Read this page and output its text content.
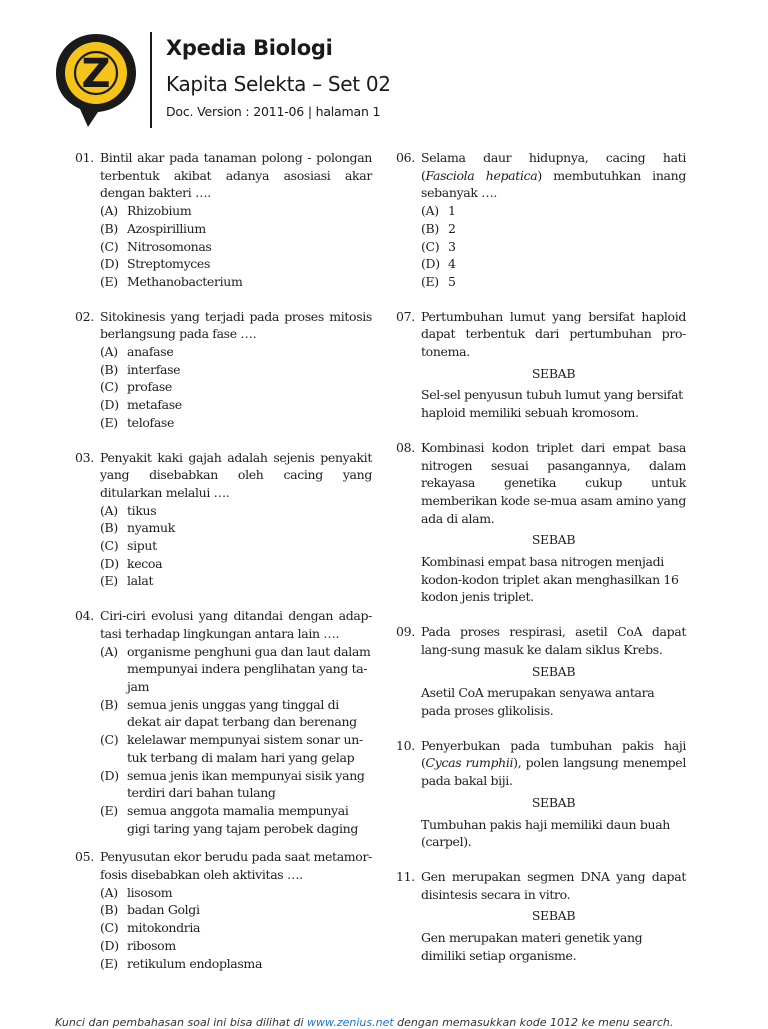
Z
Xpedia Biologi
Kapita Selekta – Set 02
Doc. Version : 2011-06 | halaman 1
01. Bintil akar pada tanaman polong - polongan terbentuk akibat adanya asosiasi akar dengan bakteri ….
(A) Rhizobium
(B) Azospirillium
(C) Nitrosomonas
(D) Streptomyces
(E) Methanobacterium
02. Sitokinesis yang terjadi pada proses mitosis berlangsung pada fase ….
(A) anafase
(B) interfase
(C) profase
(D) metafase
(E) telofase
03. Penyakit kaki gajah adalah sejenis penyakit yang disebabkan oleh cacing yang ditularkan melalui ….
(A) tikus
(B) nyamuk
(C) siput
(D) kecoa
(E) lalat
04. Ciri-ciri evolusi yang ditandai dengan adap-tasi terhadap lingkungan antara lain ….
(A) organisme penghuni gua dan laut dalam mempunyai indera penglihatan yang ta-jam
(B) semua jenis unggas yang tinggal di dekat air dapat terbang dan berenang
(C) kelelawar mempunyai sistem sonar un-tuk terbang di malam hari yang gelap
(D) semua jenis ikan mempunyai sisik yang terdiri dari bahan tulang
(E) semua anggota mamalia mempunyai gigi taring yang tajam perobek daging
05. Penyusutan ekor berudu pada saat metamor-fosis disebabkan oleh aktivitas ….
(A) lisosom
(B) badan Golgi
(C) mitokondria
(D) ribosom
(E) retikulum endoplasma
06. Selama daur hidupnya, cacing hati (Fasciola hepatica) membutuhkan inang sebanyak ….
(A) 1
(B) 2
(C) 3
(D) 4
(E) 5
07. Pertumbuhan lumut yang bersifat haploid dapat terbentuk dari pertumbuhan pro-tonema.
SEBAB
Sel-sel penyusun tubuh lumut yang bersifat haploid memiliki sebuah kromosom.
08. Kombinasi kodon triplet dari empat basa nitrogen sesuai pasangannya, dalam rekayasa genetika cukup untuk memberikan kode se-mua asam amino yang ada di alam.
SEBAB
Kombinasi empat basa nitrogen menjadi kodon-kodon triplet akan menghasilkan 16 kodon jenis triplet.
09. Pada proses respirasi, asetil CoA dapat lang-sung masuk ke dalam siklus Krebs.
SEBAB
Asetil CoA merupakan senyawa antara pada proses glikolisis.
10. Penyerbukan pada tumbuhan pakis haji (Cycas rumphii), polen langsung menempel pada bakal biji.
SEBAB
Tumbuhan pakis haji memiliki daun buah (carpel).
11. Gen merupakan segmen DNA yang dapat disintesis secara in vitro.
SEBAB
Gen merupakan materi genetik yang dimiliki setiap organisme.
Kunci dan pembahasan soal ini bisa dilihat di www.zenius.net dengan memasukkan kode 1012 ke menu search.
